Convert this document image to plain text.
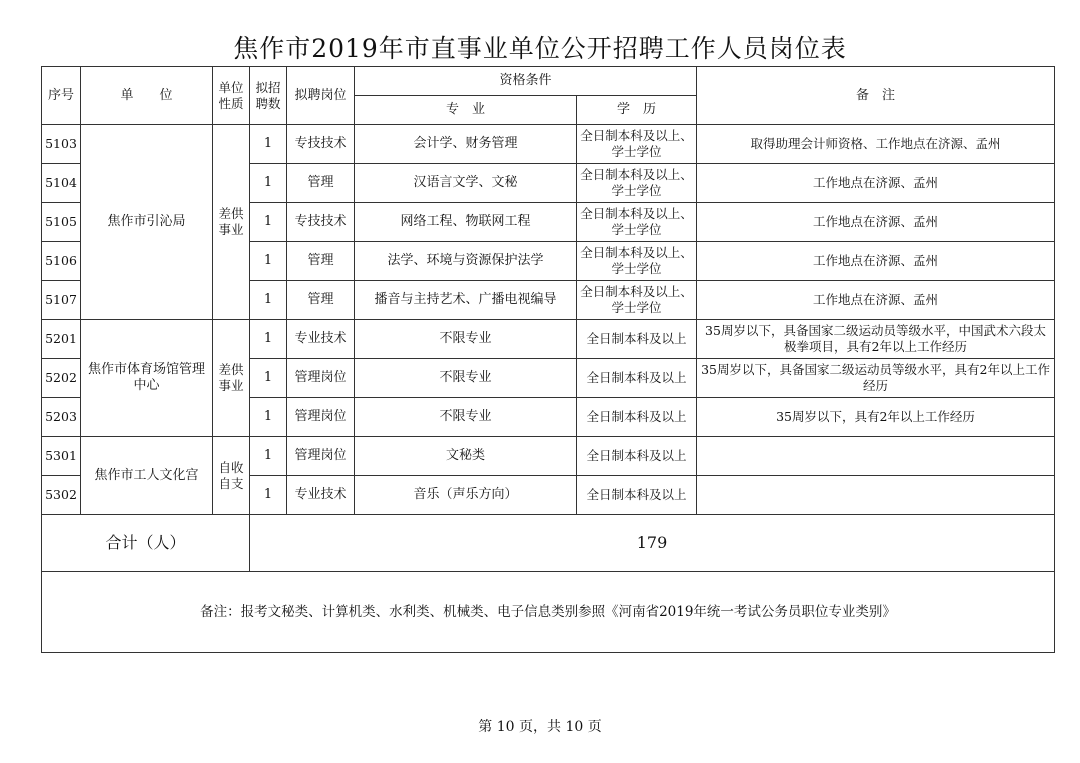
焦作市2019年市直事业单位公开招聘工作人员岗位表
序号	单　　位	单位性质	拟招聘数	拟聘岗位	资格条件		备　注
					专　业	学　历	
5103	焦作市引沁局	差供事业	1	专技技术	会计学、财务管理	全日制本科及以上、学士学位	取得助理会计师资格、工作地点在济源、孟州
5104			1	管理	汉语言文学、文秘	全日制本科及以上、学士学位	工作地点在济源、孟州
5105			1	专技技术	网络工程、物联网工程	全日制本科及以上、学士学位	工作地点在济源、孟州
5106			1	管理	法学、环境与资源保护法学	全日制本科及以上、学士学位	工作地点在济源、孟州
5107			1	管理	播音与主持艺术、广播电视编导	全日制本科及以上、学士学位	工作地点在济源、孟州
5201	焦作市体育场馆管理中心	差供事业	1	专业技术	不限专业	全日制本科及以上	35周岁以下，具备国家二级运动员等级水平，中国武术六段太极拳项目，具有2年以上工作经历
5202			1	管理岗位	不限专业	全日制本科及以上	35周岁以下，具备国家二级运动员等级水平，具有2年以上工作经历
5203			1	管理岗位	不限专业	全日制本科及以上	35周岁以下，具有2年以上工作经历
5301	焦作市工人文化宫	自收自支	1	管理岗位	文秘类	全日制本科及以上	
5302			1	专业技术	音乐（声乐方向）	全日制本科及以上	
合计（人）			179				
备注：报考文秘类、计算机类、水利类、机械类、电子信息类别参照《河南省2019年统一考试公务员职位专业类别》							
第 10 页，共 10 页
